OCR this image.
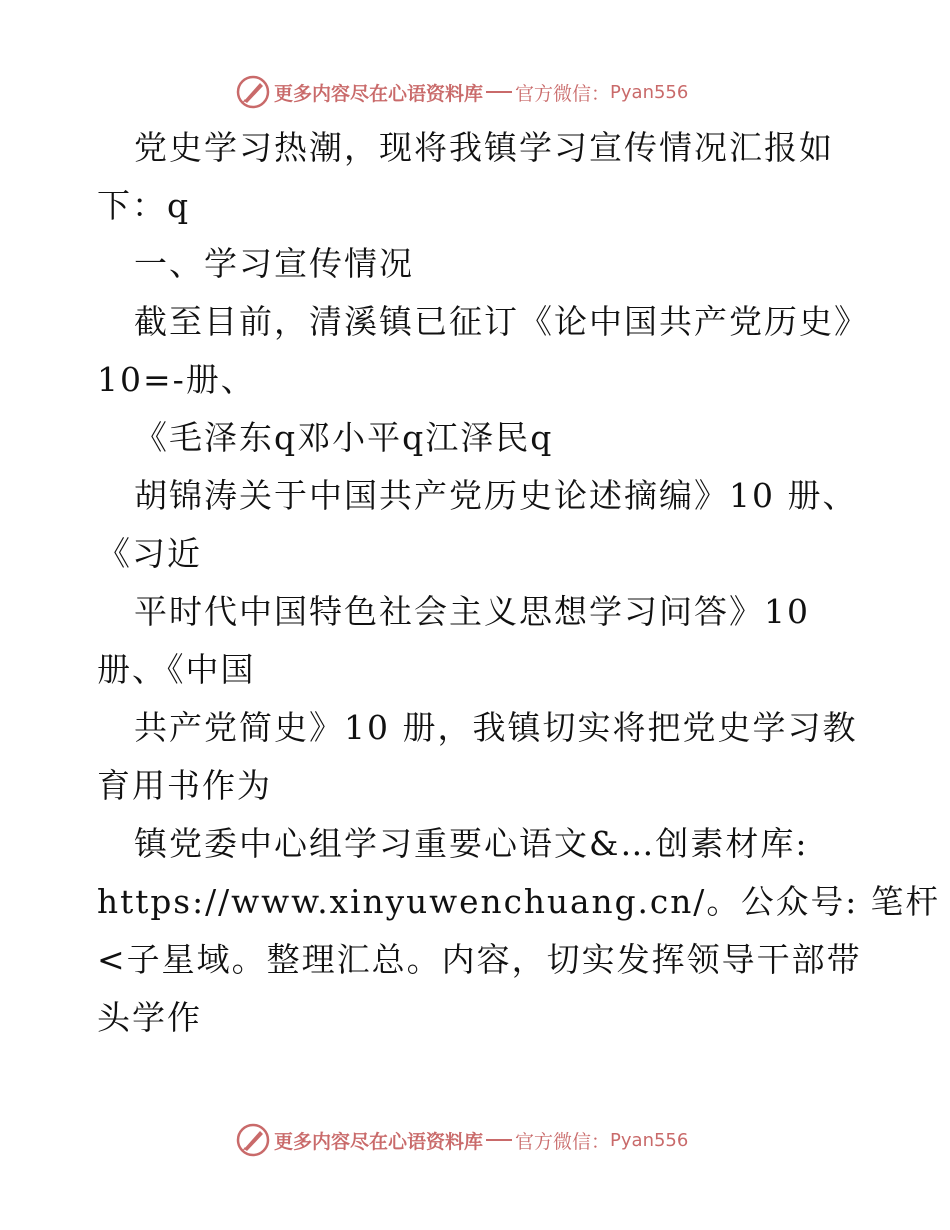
更多内容尽在心语资料库 官方微信： Pyan556
党史学习热潮，现将我镇学习宣传情况汇报如
下：q
一、学习宣传情况
截至目前，清溪镇已征订《论中国共产党历史》
10=-册、
《毛泽东q邓小平q江泽民q
胡锦涛关于中国共产党历史论述摘编》10 册、
《习近
平时代中国特色社会主义思想学习问答》10
册、《中国
共产党简史》10 册，我镇切实将把党史学习教
育用书作为
镇党委中心组学习重要心语文&…创素材库:
https://www.xinyuwenchuang.cn/。公众号: 笔杆
<子星域。整理汇总。内容，切实发挥领导干部带
头学作
更多内容尽在心语资料库 官方微信： Pyan556
